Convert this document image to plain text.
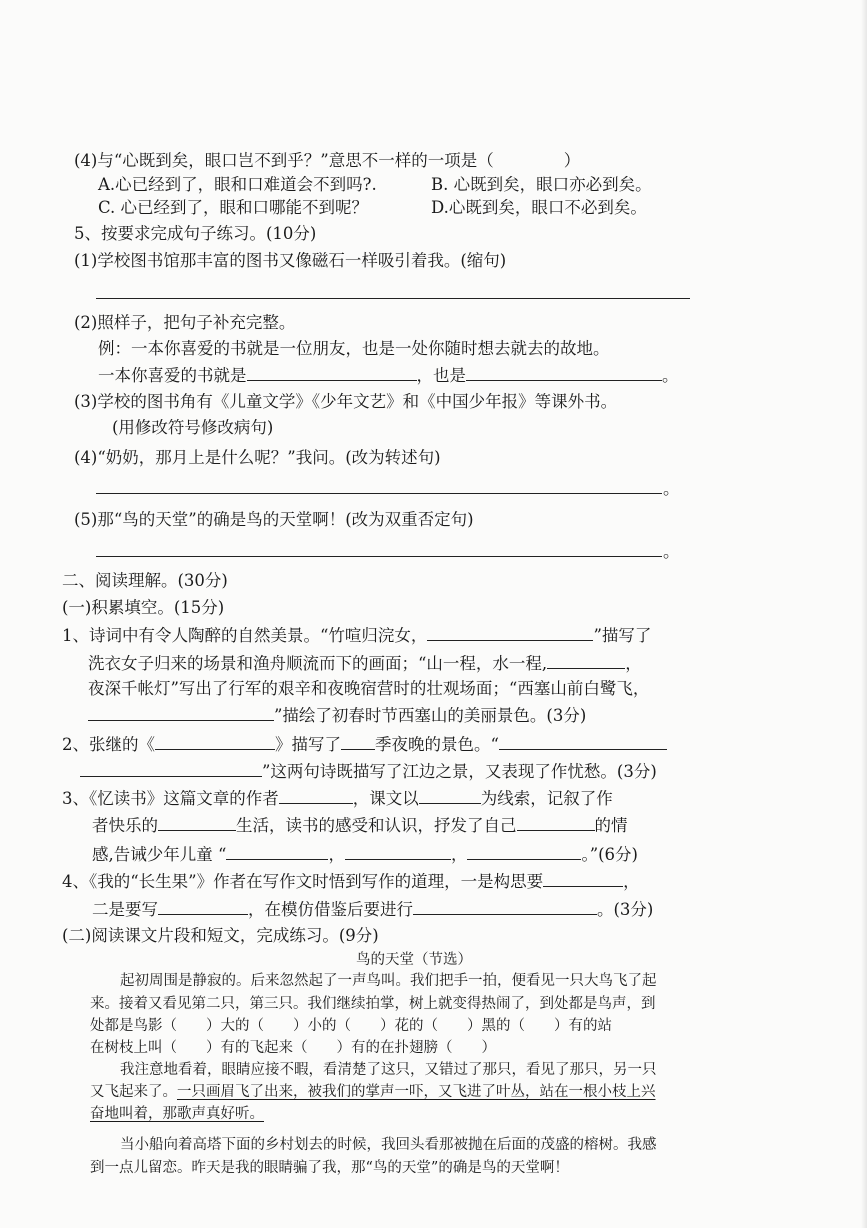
(4)与“心既到矣，眼口岂不到乎？”意思不一样的一项是（	）
A.心已经到了，眼和口难道会不到吗?.	B. 心既到矣，眼口亦必到矣。
C. 心已经到了，眼和口哪能不到呢？	D.心既到矣，眼口不必到矣。
5、按要求完成句子练习。(10分)
(1)学校图书馆那丰富的图书又像磁石一样吸引着我。(缩句)
(2)照样子，把句子补充完整。
例：一本你喜爱的书就是一位朋友，也是一处你随时想去就去的故地。
一本你喜爱的书就是	，也是	。
(3)学校的图书角有《儿童文学》《少年文艺》和《中国少年报》等课外书。
(用修改符号修改病句)
(4)“奶奶，那月上是什么呢？”我问。(改为转述句)
。
(5)那“鸟的天堂”的确是鸟的天堂啊！(改为双重否定句)
。
二、阅读理解。(30分)
(一)积累填空。(15分)
1、诗词中有令人陶醉的自然美景。“竹喧归浣女，	”描写了
洗衣女子归来的场景和渔舟顺流而下的画面；“山一程，水一程,	，
夜深千帐灯”写出了行军的艰辛和夜晚宿营时的壮观场面；“西塞山前白鹭飞，
”描绘了初春时节西塞山的美丽景色。(3分)
2、张继的《	》描写了 季夜晚的景色。“
”这两句诗既描写了江边之景，又表现了作忧愁。(3分)
3、《忆读书》这篇文章的作者	，课文以	为线索，记叙了作
者快乐的	生活，读书的感受和认识，抒发了自己	的情
感,告诫少年儿童 “	，	，	。”(6分)
4、《我的“长生果”》作者在写作文时悟到写作的道理，一是构思要	，
二是要写	，在模仿借鉴后要进行	。(3分)
(二)阅读课文片段和短文，完成练习。(9分)
鸟的天堂（节选）
起初周围是静寂的。后来忽然起了一声鸟叫。我们把手一拍，便看见一只大鸟飞了起
来。接着又看见第二只，第三只。我们继续拍掌，树上就变得热闹了，到处都是鸟声，到
处都是鸟影（　　）大的（　　）小的（　　）花的（　　）黑的（　　）有的站
在树枝上叫（　　）有的飞起来（　　）有的在扑翅膀（　　）
我注意地看着，眼睛应接不暇，看清楚了这只，又错过了那只，看见了那只，另一只
又飞起来了。一只画眉飞了出来，被我们的掌声一吓，又飞进了叶丛，站在一根小枝上兴
奋地叫着，那歌声真好听。
当小船向着高塔下面的乡村划去的时候，我回头看那被抛在后面的茂盛的榕树。我感
到一点儿留恋。昨天是我的眼睛骗了我，那“鸟的天堂”的确是鸟的天堂啊！
